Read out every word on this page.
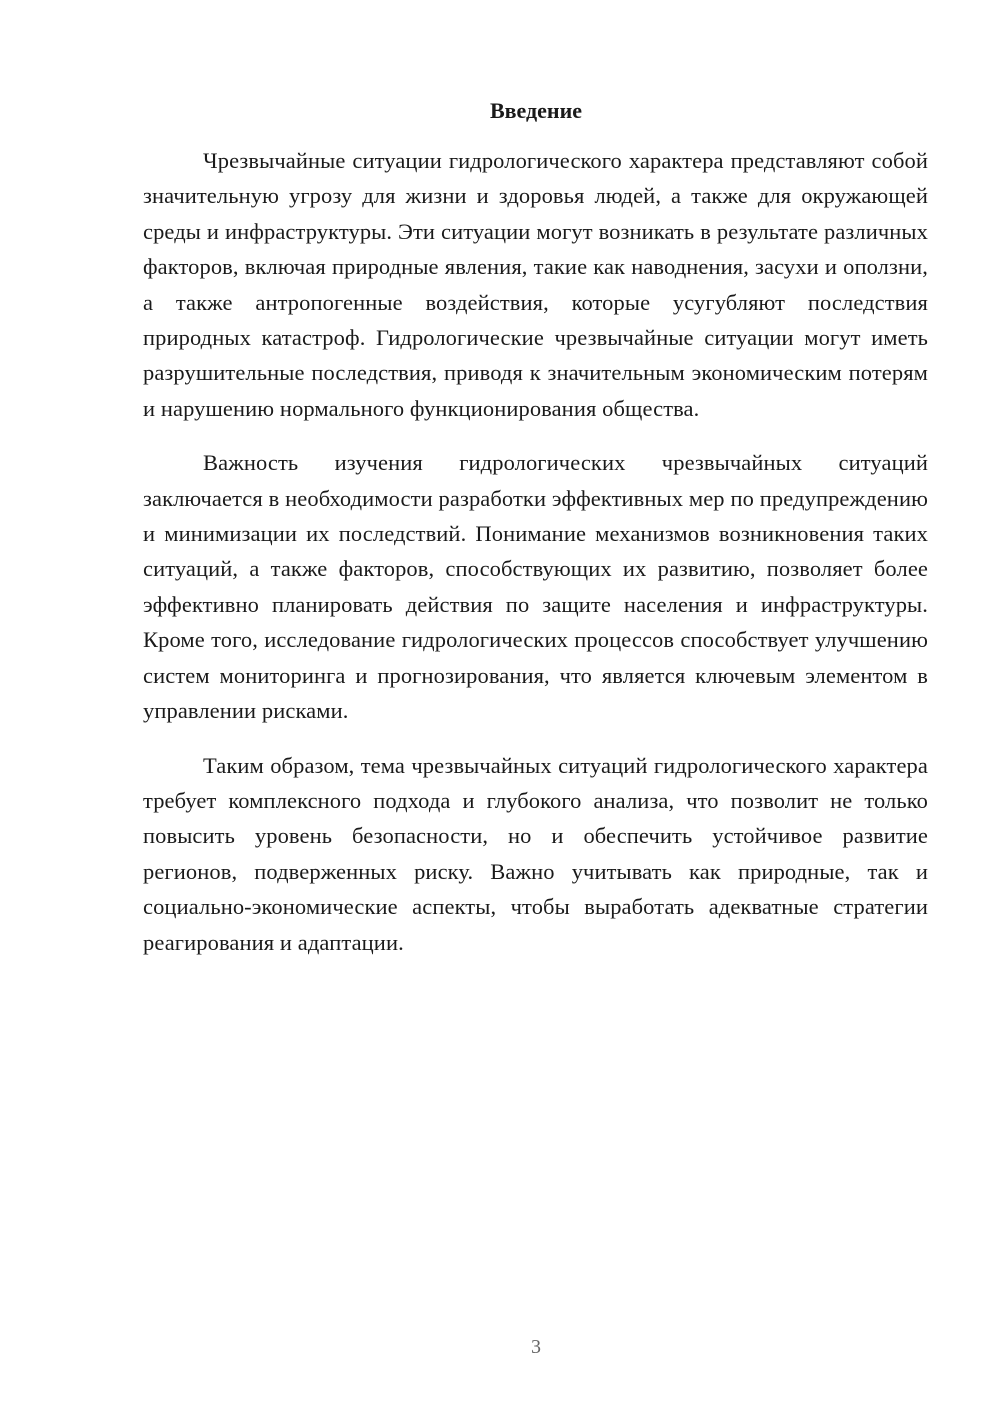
Введение

Чрезвычайные ситуации гидрологического характера представляют собой значительную угрозу для жизни и здоровья людей, а также для окружающей среды и инфраструктуры. Эти ситуации могут возникать в результате различных факторов, включая природные явления, такие как наводнения, засухи и оползни, а также антропогенные воздействия, которые усугубляют последствия природных катастроф. Гидрологические чрезвычайные ситуации могут иметь разрушительные последствия, приводя к значительным экономическим потерям и нарушению нормального функционирования общества.

Важность изучения гидрологических чрезвычайных ситуаций заключается в необходимости разработки эффективных мер по предупреждению и минимизации их последствий. Понимание механизмов возникновения таких ситуаций, а также факторов, способствующих их развитию, позволяет более эффективно планировать действия по защите населения и инфраструктуры. Кроме того, исследование гидрологических процессов способствует улучшению систем мониторинга и прогнозирования, что является ключевым элементом в управлении рисками.

Таким образом, тема чрезвычайных ситуаций гидрологического характера требует комплексного подхода и глубокого анализа, что позволит не только повысить уровень безопасности, но и обеспечить устойчивое развитие регионов, подверженных риску. Важно учитывать как природные, так и социально-экономические аспекты, чтобы выработать адекватные стратегии реагирования и адаптации.

3
